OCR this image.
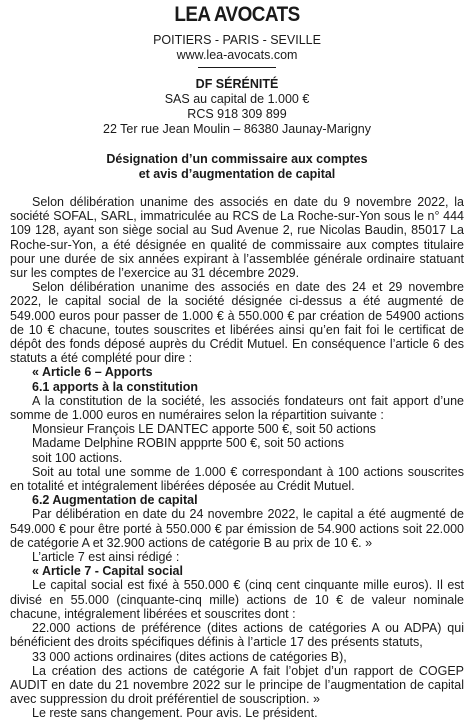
LEA AVOCATS
POITIERS - PARIS - SEVILLE
www.lea-avocats.com
DF SÉRÉNITÉ
SAS au capital de 1.000 €
RCS 918 309 899
22 Ter rue Jean Moulin – 86380 Jaunay-Marigny
Désignation d’un commissaire aux comptes
et avis d’augmentation de capital

Selon délibération unanime des associés en date du 9 novembre 2022, la société SOFAL, SARL, immatriculée au RCS de La Roche-sur-Yon sous le n° 444 109 128, ayant son siège social au Sud Avenue 2, rue Nicolas Baudin, 85017 La Roche-sur-Yon, a été désignée en qualité de commissaire aux comptes titulaire pour une durée de six années expirant à l’assemblée générale ordinaire statuant sur les comptes de l’exercice au 31 décembre 2029.

Selon délibération unanime des associés en date des 24 et 29 novembre 2022, le capital social de la société désignée ci-dessus a été augmenté de 549.000 euros pour passer de 1.000 € à 550.000 € par création de 54900 actions de 10 € chacune, toutes souscrites et libérées ainsi qu’en fait foi le certificat de dépôt des fonds déposé auprès du Crédit Mutuel. En conséquence l’article 6 des statuts a été complété pour dire :

« Article 6 – Apports

6.1 apports à la constitution

A la constitution de la société, les associés fondateurs ont fait apport d’une somme de 1.000 euros en numéraires selon la répartition suivante :

Monsieur François LE DANTEC apporte 500 €, soit 50 actions

Madame Delphine ROBIN appprte 500 €, soit 50 actions

soit 100 actions.

Soit au total une somme de 1.000 € correspondant à 100 actions souscrites en totalité et intégralement libérées déposée au Crédit Mutuel.

6.2 Augmentation de capital

Par délibération en date du 24 novembre 2022, le capital a été augmenté de 549.000 € pour être porté à 550.000 € par émission de 54.900 actions soit 22.000 de catégorie A et 32.900 actions de catégorie B au prix de 10 €. »

L’article 7 est ainsi rédigé :

« Article 7 - Capital social

Le capital social est fixé à 550.000 € (cinq cent cinquante mille euros). Il est divisé en 55.000 (cinquante-cinq mille) actions de 10 € de valeur nominale chacune, intégralement libérées et souscrites dont :

22.000 actions de préférence (dites actions de catégories A ou ADPA) qui bénéficient des droits spécifiques définis à l’article 17 des présents statuts,

33 000 actions ordinaires (dites actions de catégories B),

La création des actions de catégorie A fait l’objet d’un rapport de COGEP AUDIT en date du 21 novembre 2022 sur le principe de l’augmentation de capital avec suppression du droit préférentiel de souscription. »

Le reste sans changement. Pour avis. Le président.
